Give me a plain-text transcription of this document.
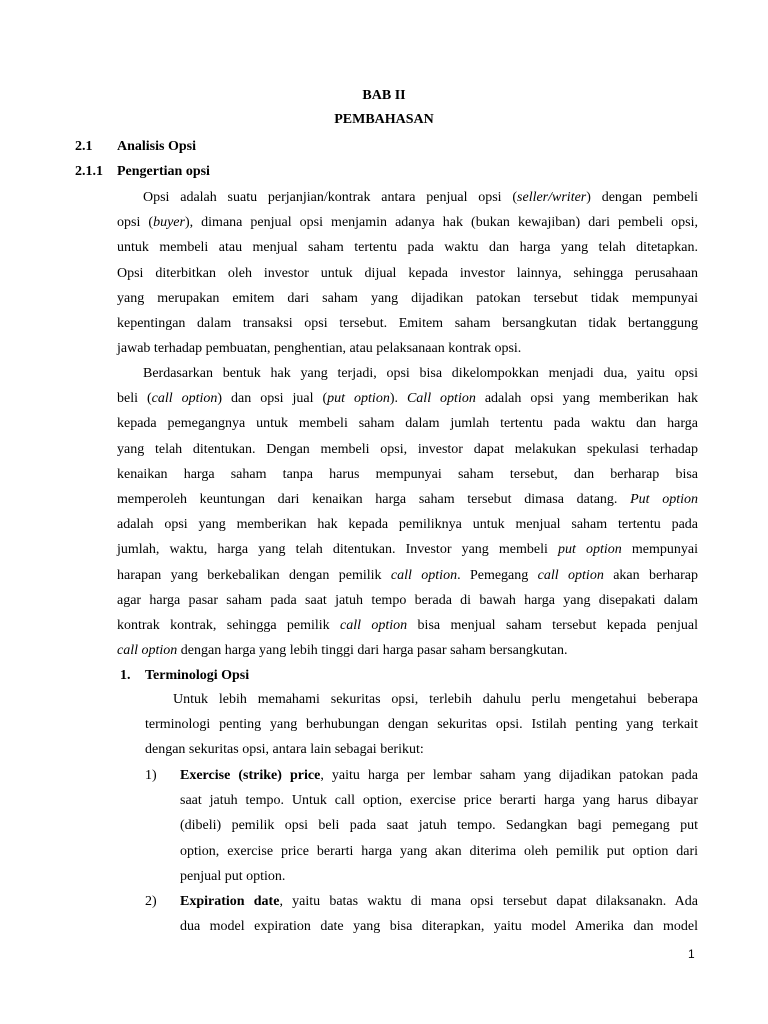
BAB II
PEMBAHASAN
2.1 Analisis Opsi
2.1.1 Pengertian opsi

Opsi adalah suatu perjanjian/kontrak antara penjual opsi (seller/writer) dengan pembeli

opsi (buyer), dimana penjual opsi menjamin adanya hak (bukan kewajiban) dari pembeli opsi,

untuk membeli atau menjual saham tertentu pada waktu dan harga yang telah ditetapkan.

Opsi diterbitkan oleh investor untuk dijual kepada investor lainnya, sehingga perusahaan

yang merupakan emitem dari saham yang dijadikan patokan tersebut tidak mempunyai

kepentingan dalam transaksi opsi tersebut. Emitem saham bersangkutan tidak bertanggung

jawab terhadap pembuatan, penghentian, atau pelaksanaan kontrak opsi.

Berdasarkan bentuk hak yang terjadi, opsi bisa dikelompokkan menjadi dua, yaitu opsi

beli (call option) dan opsi jual (put option). Call option adalah opsi yang memberikan hak

kepada pemegangnya untuk membeli saham dalam jumlah tertentu pada waktu dan harga

yang telah ditentukan. Dengan membeli opsi, investor dapat melakukan spekulasi terhadap

kenaikan harga saham tanpa harus mempunyai saham tersebut, dan berharap bisa

memperoleh keuntungan dari kenaikan harga saham tersebut dimasa datang. Put option

adalah opsi yang memberikan hak kepada pemiliknya untuk menjual saham tertentu pada

jumlah, waktu, harga yang telah ditentukan. Investor yang membeli put option mempunyai

harapan yang berkebalikan dengan pemilik call option. Pemegang call option akan berharap

agar harga pasar saham pada saat jatuh tempo berada di bawah harga yang disepakati dalam

kontrak kontrak, sehingga pemilik call option bisa menjual saham tersebut kepada penjual

call option dengan harga yang lebih tinggi dari harga pasar saham bersangkutan.

1. Terminologi Opsi

Untuk lebih memahami sekuritas opsi, terlebih dahulu perlu mengetahui beberapa

terminologi penting yang berhubungan dengan sekuritas opsi. Istilah penting yang terkait

dengan sekuritas opsi, antara lain sebagai berikut:

1) Exercise (strike) price, yaitu harga per lembar saham yang dijadikan patokan pada

saat jatuh tempo. Untuk call option, exercise price berarti harga yang harus dibayar

(dibeli) pemilik opsi beli pada saat jatuh tempo. Sedangkan bagi pemegang put

option, exercise price berarti harga yang akan diterima oleh pemilik put option dari

penjual put option.

2) Expiration date, yaitu batas waktu di mana opsi tersebut dapat dilaksanakn. Ada

dua model expiration date yang bisa diterapkan, yaitu model Amerika dan model

1
